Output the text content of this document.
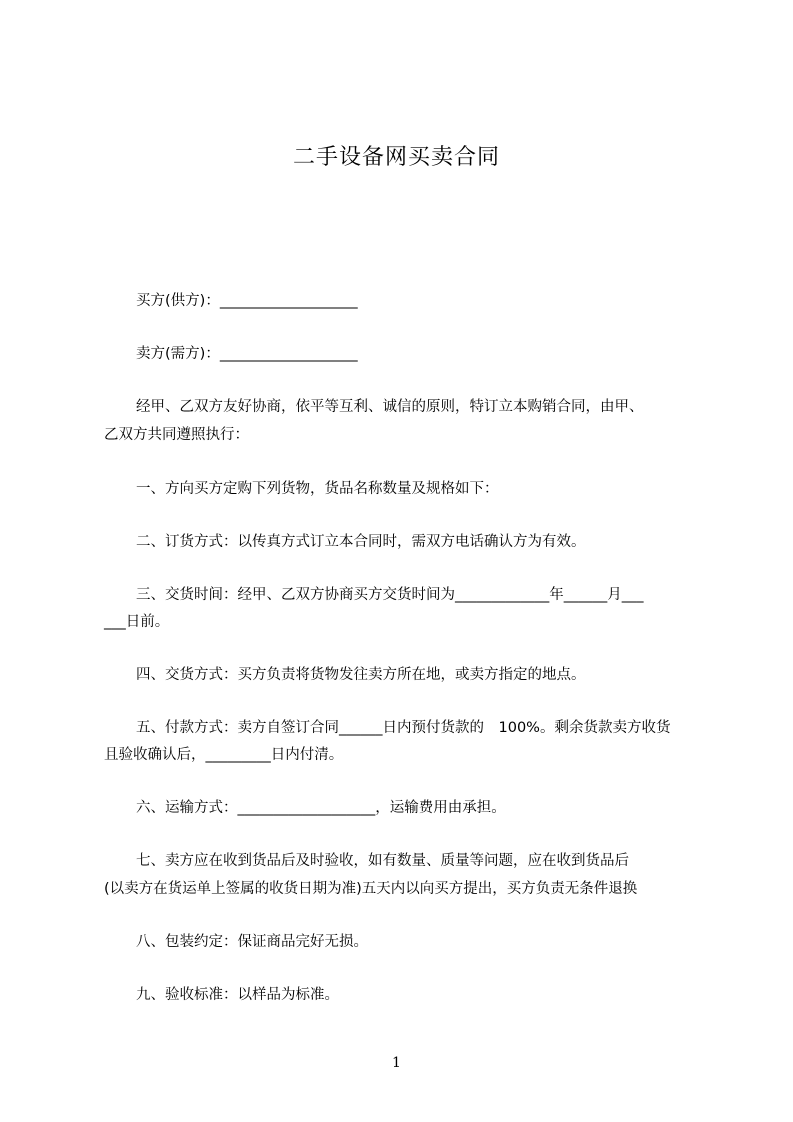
二手设备网买卖合同
买方(供方)：___________________
卖方(需方)：___________________
经甲、乙双方友好协商，依平等互利、诚信的原则，特订立本购销合同，由甲、
乙双方共同遵照执行：
一、方向买方定购下列货物，货品名称数量及规格如下：
二、订货方式：以传真方式订立本合同时，需双方电话确认方为有效。
三、交货时间：经甲、乙双方协商买方交货时间为_____________年______月___
___日前。
四、交货方式：买方负责将货物发往卖方所在地，或卖方指定的地点。
五、付款方式：卖方自签订合同______日内预付货款的　100%。剩余货款卖方收货
且验收确认后，_________日内付清。
六、运输方式：___________________，运输费用由承担。
七、卖方应在收到货品后及时验收，如有数量、质量等问题，应在收到货品后
(以卖方在货运单上签属的收货日期为准)五天内以向买方提出，买方负责无条件退换
八、包装约定：保证商品完好无损。
九、验收标准：以样品为标准。
1
